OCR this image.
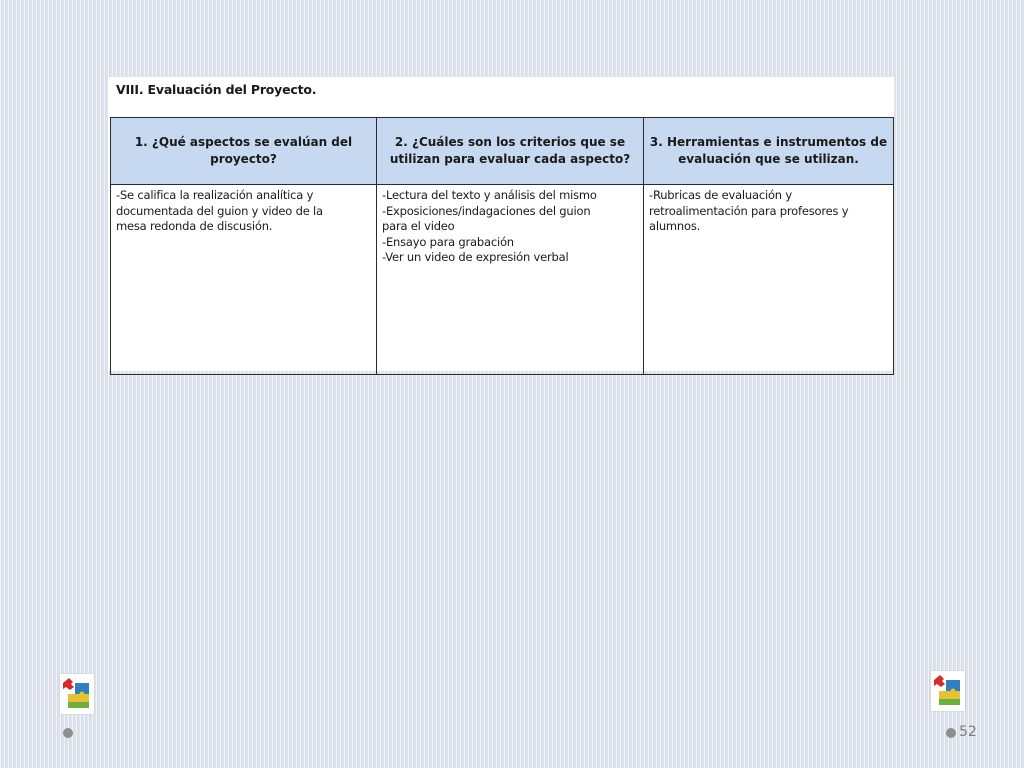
VIII. Evaluación del Proyecto.
1. ¿Qué aspectos se evalúan del proyecto?	2. ¿Cuáles son los criterios que se utilizan para evaluar cada aspecto?	3. Herramientas e instrumentos de evaluación que se utilizan.

-Se califica la realización analítica y
documentada del guion y video de la
mesa redonda de discusión.	-Lectura del texto y análisis del mismo
-Exposiciones/indagaciones del guion
para el video
-Ensayo para grabación
-Ver un video de expresión verbal	-Rubricas de evaluación y
retroalimentación para profesores y
alumnos.
52
